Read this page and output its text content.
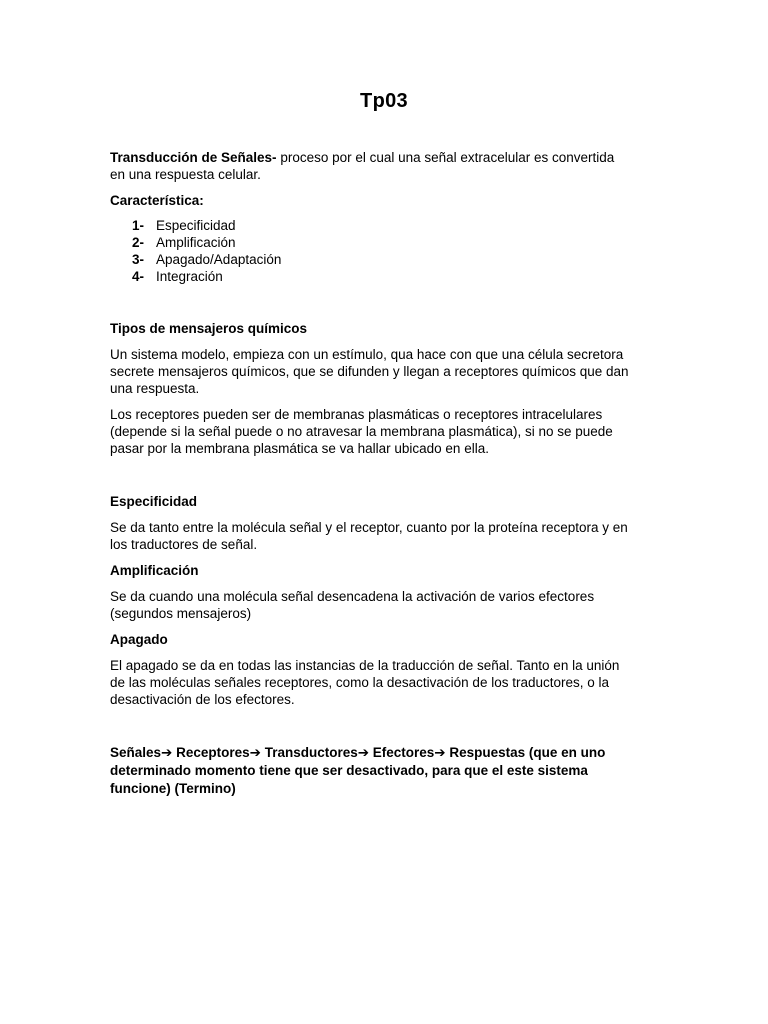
Tp03

Transducción de Señales- proceso por el cual una señal extracelular es convertida
en una respuesta celular.

Característica:

1- Especificidad
2- Amplificación
3- Apagado/Adaptación
4- Integración

Tipos de mensajeros químicos

Un sistema modelo, empieza con un estímulo, qua hace con que una célula secretora
secrete mensajeros químicos, que se difunden y llegan a receptores químicos que dan
una respuesta.

Los receptores pueden ser de membranas plasmáticas o receptores intracelulares
(depende si la señal puede o no atravesar la membrana plasmática), si no se puede
pasar por la membrana plasmática se va hallar ubicado en ella.

Especificidad

Se da tanto entre la molécula señal y el receptor, cuanto por la proteína receptora y en
los traductores de señal.

Amplificación

Se da cuando una molécula señal desencadena la activación de varios efectores
(segundos mensajeros)

Apagado

El apagado se da en todas las instancias de la traducción de señal. Tanto en la unión
de las moléculas señales receptores, como la desactivación de los traductores, o la
desactivación de los efectores.

Señales➔ Receptores➔ Transductores➔ Efectores➔ Respuestas (que en uno
determinado momento tiene que ser desactivado, para que el este sistema
funcione) (Termino)
